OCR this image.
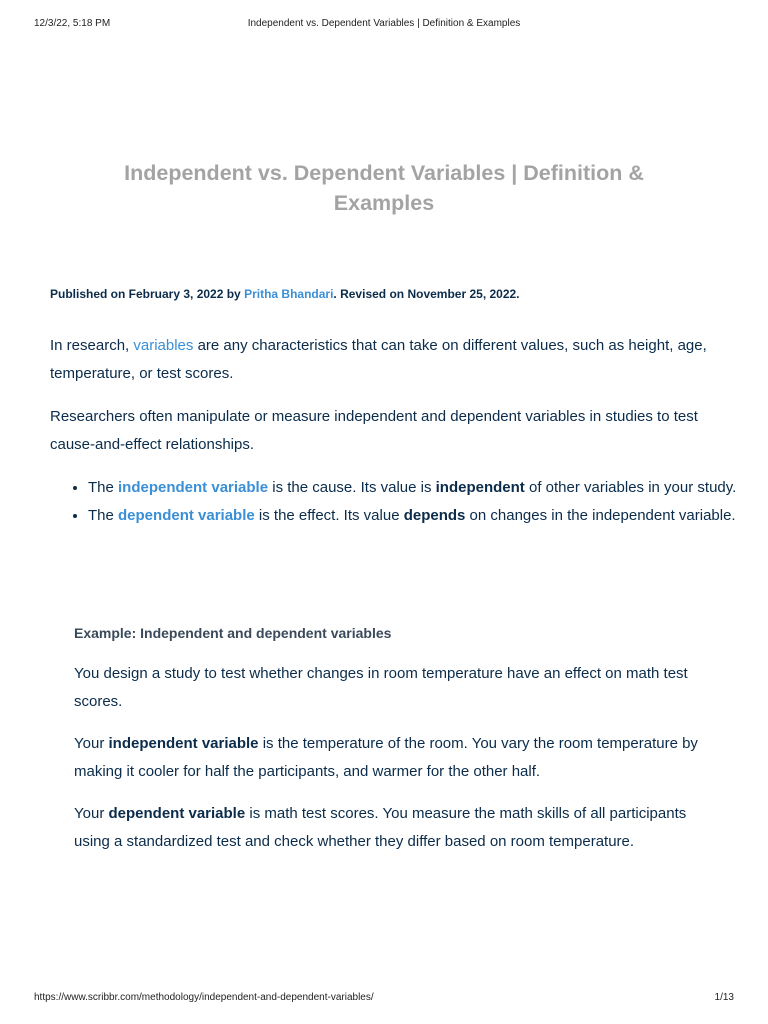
12/3/22, 5:18 PM	Independent vs. Dependent Variables | Definition & Examples
Independent vs. Dependent Variables | Definition & Examples
Published on February 3, 2022 by Pritha Bhandari. Revised on November 25, 2022.

In research, variables are any characteristics that can take on different values, such as height, age, temperature, or test scores.

Researchers often manipulate or measure independent and dependent variables in studies to test cause-and-effect relationships.

• The independent variable is the cause. Its value is independent of other variables in your study.
• The dependent variable is the effect. Its value depends on changes in the independent variable.
Example: Independent and dependent variables

You design a study to test whether changes in room temperature have an effect on math test scores.

Your independent variable is the temperature of the room. You vary the room temperature by making it cooler for half the participants, and warmer for the other half.

Your dependent variable is math test scores. You measure the math skills of all participants using a standardized test and check whether they differ based on room temperature.

https://www.scribbr.com/methodology/independent-and-dependent-variables/	1/13
